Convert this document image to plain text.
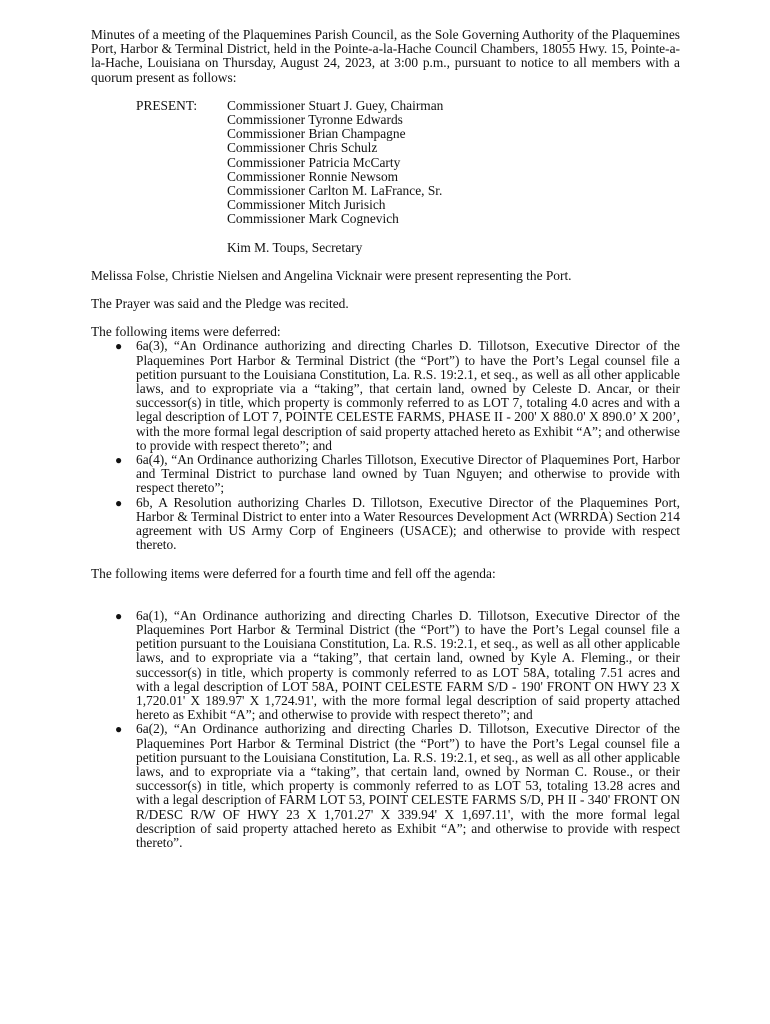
Minutes of a meeting of the Plaquemines Parish Council, as the Sole Governing Authority of the Plaquemines Port, Harbor & Terminal District, held in the Pointe-a-la-Hache Council Chambers, 18055 Hwy. 15, Pointe-a-la-Hache, Louisiana on Thursday, August 24, 2023, at 3:00 p.m., pursuant to notice to all members with a quorum present as follows:

PRESENT:	Commissioner Stuart J. Guey, Chairman
Commissioner Tyronne Edwards
Commissioner Brian Champagne
Commissioner Chris Schulz
Commissioner Patricia McCarty
Commissioner Ronnie Newsom
Commissioner Carlton M. LaFrance, Sr.
Commissioner Mitch Jurisich
Commissioner Mark Cognevich
Kim M. Toups, Secretary

Melissa Folse, Christie Nielsen and Angelina Vicknair were present representing the Port.

The Prayer was said and the Pledge was recited.

The following items were deferred:

● 6a(3), “An Ordinance authorizing and directing Charles D. Tillotson, Executive Director of the Plaquemines Port Harbor & Terminal District (the “Port”) to have the Port’s Legal counsel file a petition pursuant to the Louisiana Constitution, La. R.S. 19:2.1, et seq., as well as all other applicable laws, and to expropriate via a “taking”, that certain land, owned by Celeste D. Ancar, or their successor(s) in title, which property is commonly referred to as LOT 7, totaling 4.0 acres and with a legal description of LOT 7, POINTE CELESTE FARMS, PHASE II - 200' X 880.0' X 890.0’ X 200’, with the more formal legal description of said property attached hereto as Exhibit “A”; and otherwise to provide with respect thereto”; and
● 6a(4), “An Ordinance authorizing Charles Tillotson, Executive Director of Plaquemines Port, Harbor and Terminal District to purchase land owned by Tuan Nguyen; and otherwise to provide with respect thereto”;
● 6b, A Resolution authorizing Charles D. Tillotson, Executive Director of the Plaquemines Port, Harbor & Terminal District to enter into a Water Resources Development Act (WRRDA) Section 214 agreement with US Army Corp of Engineers (USACE); and otherwise to provide with respect thereto.

The following items were deferred for a fourth time and fell off the agenda:

● 6a(1), “An Ordinance authorizing and directing Charles D. Tillotson, Executive Director of the Plaquemines Port Harbor & Terminal District (the “Port”) to have the Port’s Legal counsel file a petition pursuant to the Louisiana Constitution, La. R.S. 19:2.1, et seq., as well as all other applicable laws, and to expropriate via a “taking”, that certain land, owned by Kyle A. Fleming., or their successor(s) in title, which property is commonly referred to as LOT 58A, totaling 7.51 acres and with a legal description of LOT 58A, POINT CELESTE FARM S/D - 190' FRONT ON HWY 23 X 1,720.01' X 189.97' X 1,724.91', with the more formal legal description of said property attached hereto as Exhibit “A”; and otherwise to provide with respect thereto”; and
● 6a(2), “An Ordinance authorizing and directing Charles D. Tillotson, Executive Director of the Plaquemines Port Harbor & Terminal District (the “Port”) to have the Port’s Legal counsel file a petition pursuant to the Louisiana Constitution, La. R.S. 19:2.1, et seq., as well as all other applicable laws, and to expropriate via a “taking”, that certain land, owned by Norman C. Rouse., or their successor(s) in title, which property is commonly referred to as LOT 53, totaling 13.28 acres and with a legal description of FARM LOT 53, POINT CELESTE FARMS S/D, PH II - 340' FRONT ON R/DESC R/W OF HWY 23 X 1,701.27' X 339.94' X 1,697.11', with the more formal legal description of said property attached hereto as Exhibit “A”; and otherwise to provide with respect thereto”.
